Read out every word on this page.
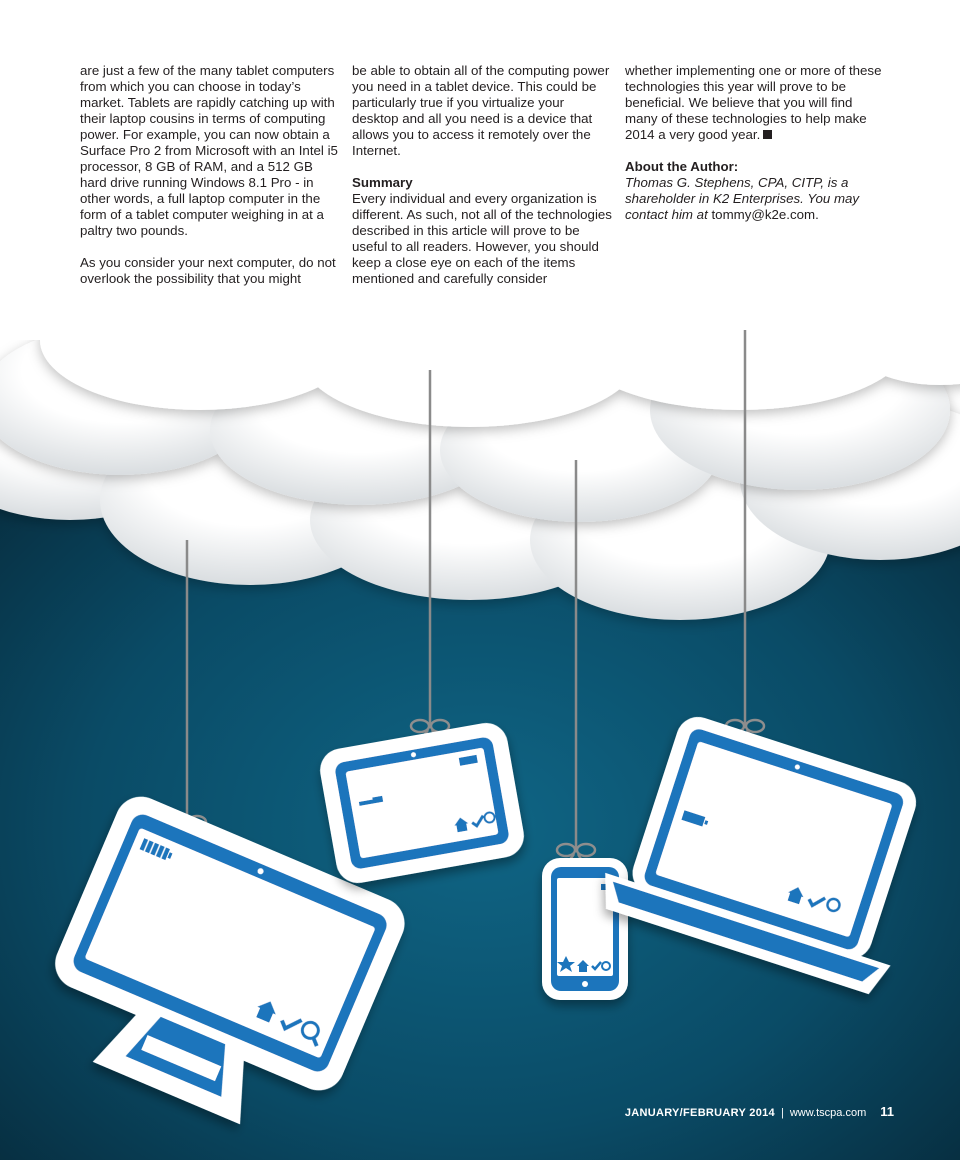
are just a few of the many tablet computers from which you can choose in today’s market. Tablets are rapidly catching up with their laptop cousins in terms of computing power. For example, you can now obtain a Surface Pro 2 from Microsoft with an Intel i5 processor, 8 GB of RAM, and a 512 GB hard drive running Windows 8.1 Pro - in other words, a full laptop computer in the form of a tablet computer weighing in at a paltry two pounds.

As you consider your next computer, do not overlook the possibility that you might

be able to obtain all of the computing power you need in a tablet device. This could be particularly true if you virtualize your desktop and all you need is a device that allows you to access it remotely over the Internet.

Summary

Every individual and every organization is different. As such, not all of the technologies described in this article will prove to be useful to all readers. However, you should keep a close eye on each of the items mentioned and carefully consider

whether implementing one or more of these technologies this year will prove to be beneficial. We believe that you will find many of these technologies to help make 2014 a very good year.

About the Author:

Thomas G. Stephens, CPA, CITP, is a shareholder in K2 Enterprises. You may contact him at tommy@k2e.com.

JANUARY/FEBRUARY 2014 | www.tscpa.com 11
